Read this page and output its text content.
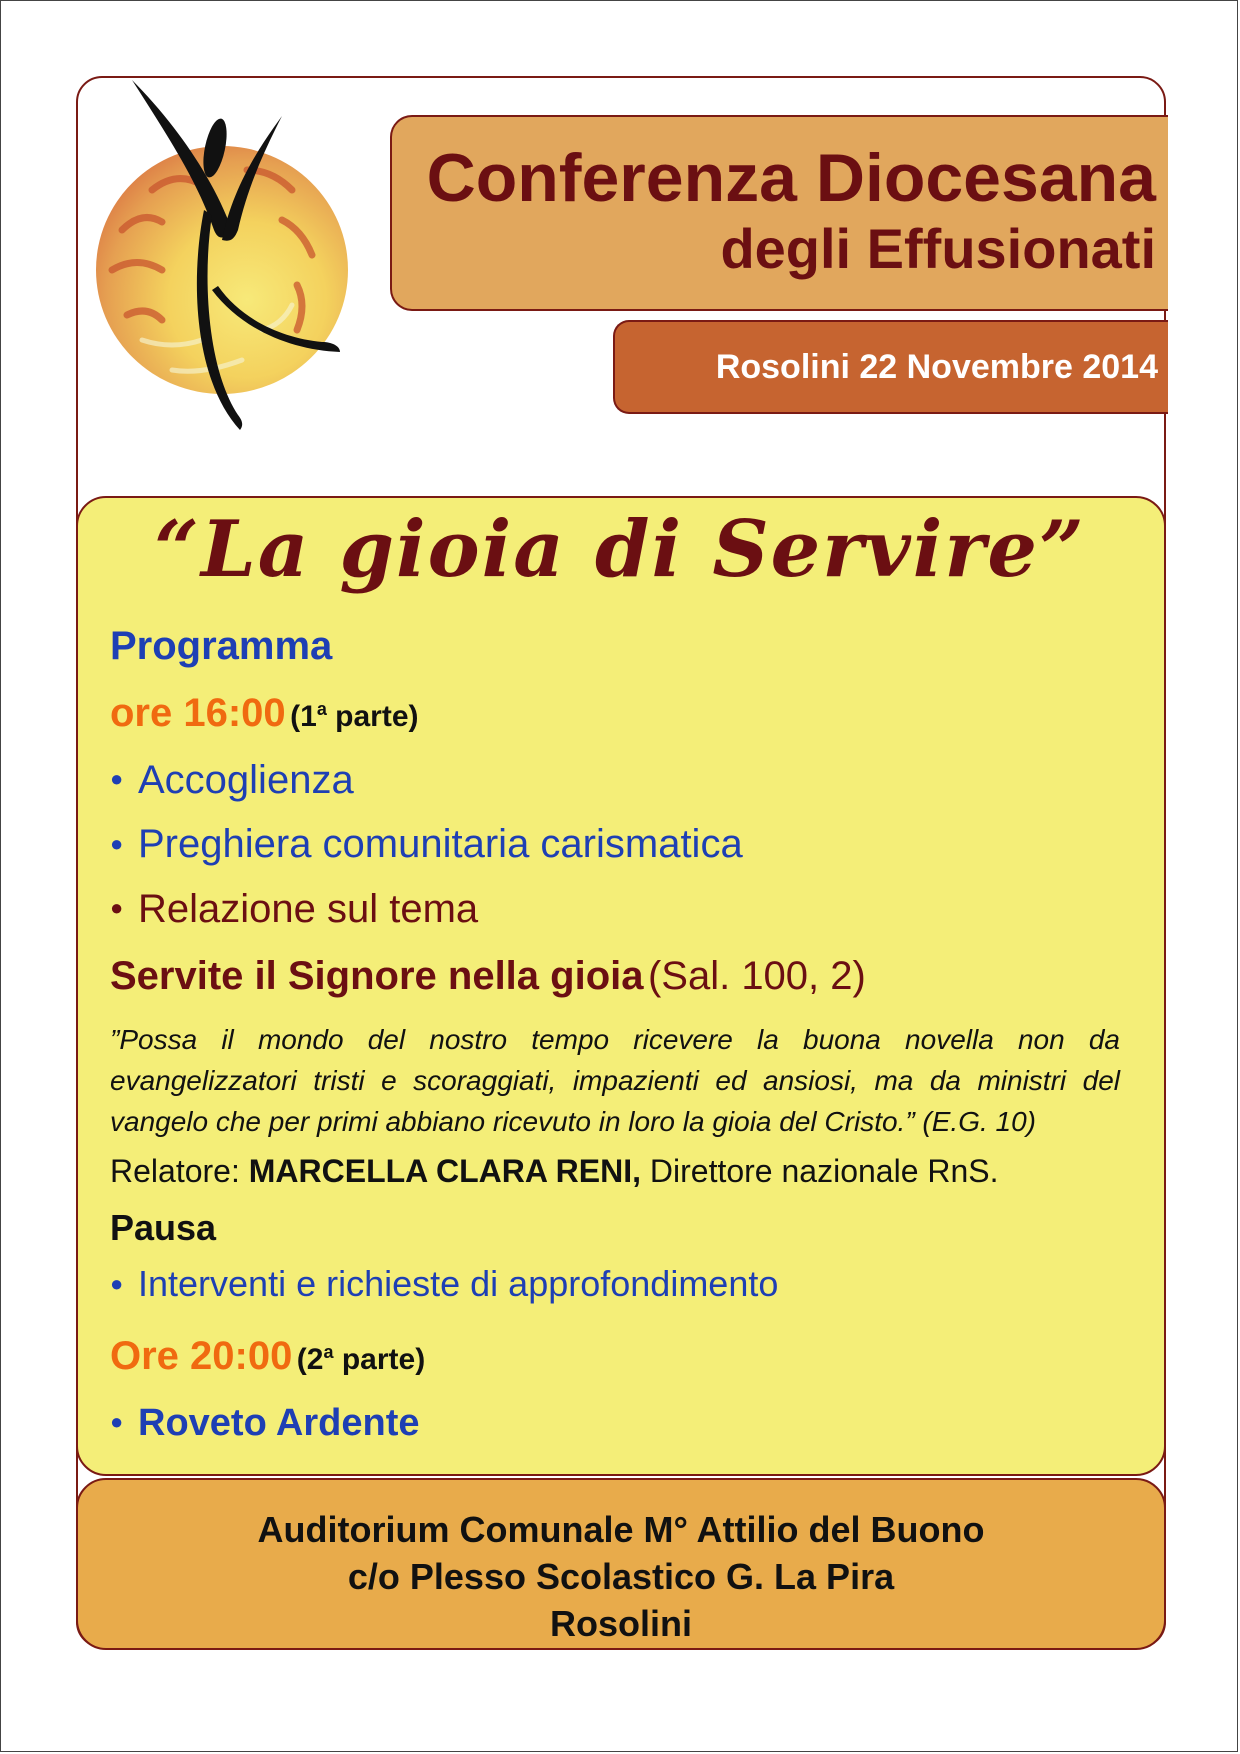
Conferenza Diocesana
degli Effusionati
Rosolini 22 Novembre 2014
“La gioia di Servire”
Programma
ore 16:00 (1$^a$ parte)
● Accoglienza
● Preghiera comunitaria carismatica
● Relazione sul tema
Servite il Signore nella gioia (Sal. 100, 2)
”Possa il mondo del nostro tempo ricevere la buona novella non da evangelizzatori tristi e scoraggiati, impazienti ed ansiosi, ma da ministri del vangelo che per primi abbiano ricevuto in loro la gioia del Cristo.” (E.G. 10)
Relatore: MARCELLA CLARA RENI, Direttore nazionale RnS.
Pausa
● Interventi e richieste di approfondimento
Ore 20:00 (2$^a$ parte)
● Roveto Ardente
Auditorium Comunale M° Attilio del Buono
c/o Plesso Scolastico G. La Pira
Rosolini
